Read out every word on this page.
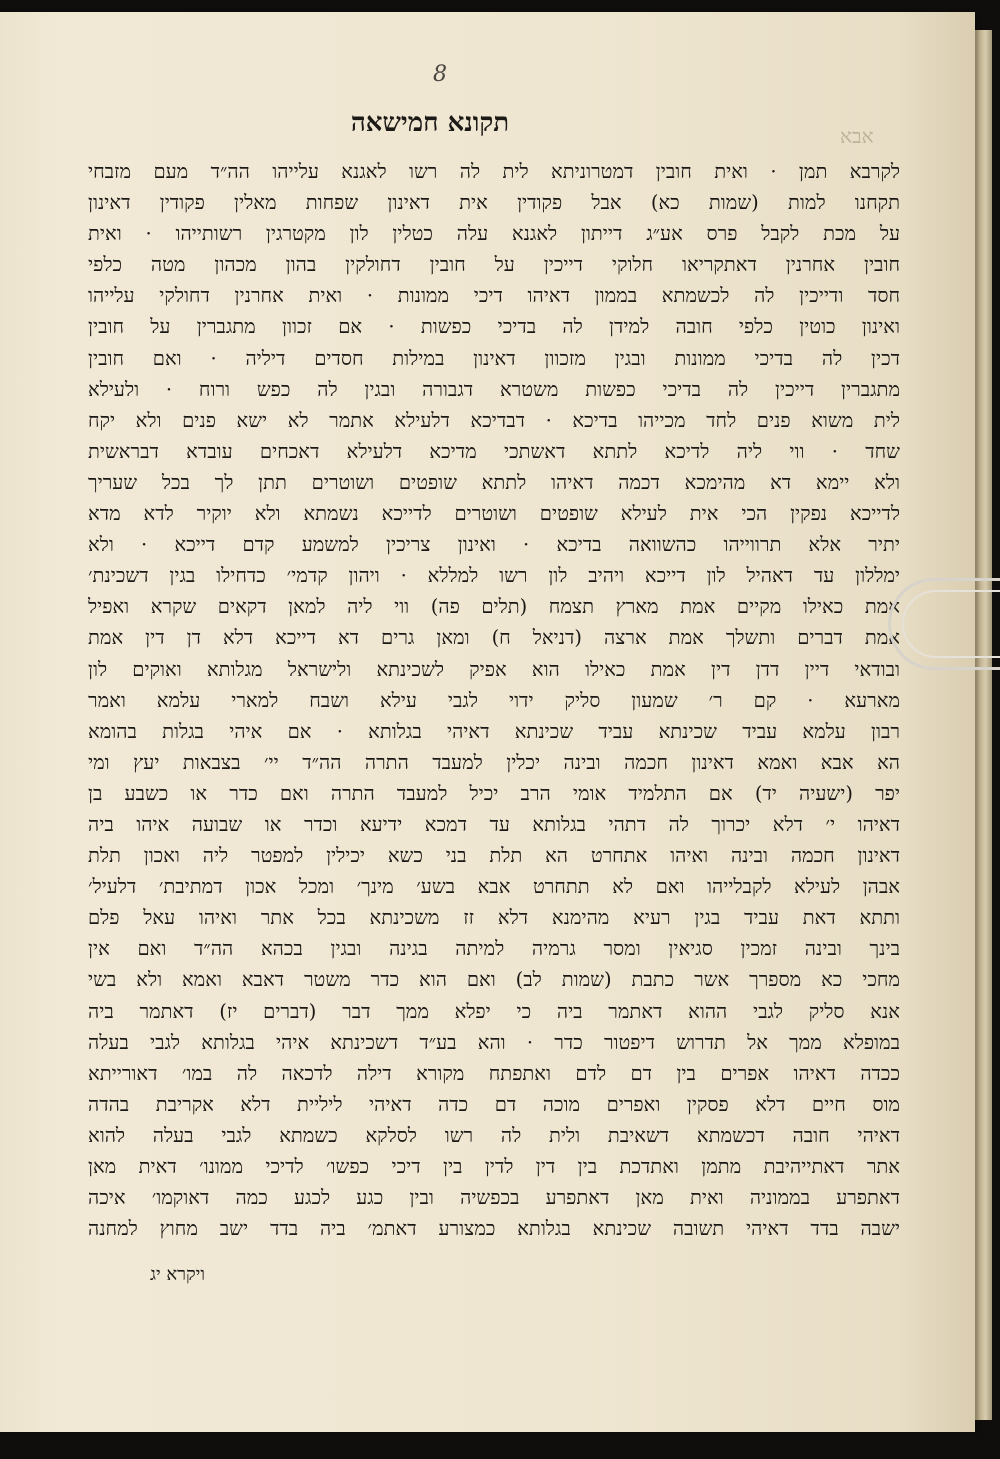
8
אבא
תקונא חמישאה
לקרבא תמן · ואית חובין דמטרוניתא לית לה רשו לאגנא עלייהו הה״ד מעם מזבחי
תקחנו למות (שמות כא) אבל פקודין אית דאינון שפחות מאלין פקודין דאינון
על מכת לקבל פרס אע״ג דייתון לאגנא עלה כטלין לון מקטרגין רשותייהו · ואית
חובין אחרנין דאתקריאו חלוקי דייכין על חובין דחולקין בהון מכהון מטה כלפי
חסד ודייכין לה לכשמתא בממון דאיהו דיכי ממונות · ואית אחרנין דחולקי עלייהו
ואינון כוטין כלפי חובה למידן לה בדיכי כפשות · אם זכוון מתגברין על חובין
דכין לה בדיכי ממונות ובגין מזכוון דאינון במילות חסדים דיליה · ואם חובין
מתגברין דייכין לה בדיכי כפשות משטרא דגבורה ובגין לה כפש ורוח · ולעילא
לית משוא פנים לחד מכייהו בדיכא · דבדיכא דלעילא אתמר לא ישא פנים ולא יקח
שחד · ווי ליה לדיכא לתתא דאשתכי מדיכא דלעילא דאכחים עובדא דבראשית
ולא יימא דא מהימכא דכמה דאיהו לתתא שופטים ושוטרים תתן לך בכל שעריך
לדייכא נפקין הכי אית לעילא שופטים ושוטרים לדייכא נשמתא ולא יוקיר לדא מדא
יתיר אלא תרווייהו כהשוואה בדיכא · ואינון צריכין למשמע קדם דייכא · ולא
ימללון עד דאהיל לון דייכא ויהיב לון רשו למללא · ויהון קדמי׳ כדחילו בגין דשכינת׳
אמת כאילו מקיים אמת מארץ תצמח (תלים פה) ווי ליה למאן דקאים שקרא ואפיל
אמת דברים ותשלך אמת ארצה (דניאל ח) ומאן גרים דא דייכא דלא דן דין אמת
ובודאי דיין דדן דין אמת כאילו הוא אפיק לשכינתא ולישראל מגלותא ואוקים לון
מארעא · קם ר׳ שמעון סליק ידוי לגבי עילא ושבח למארי עלמא ואמר
רבון עלמא עביד שכינתא עביד שכינתא דאיהי בגלותא · אם איהי בגלות בהומא
הא אבא ואמא דאינון חכמה ובינה יכלין למעבד התרה הה״ד יי׳ בצבאות יעץ ומי
יפר (ישעיה יד) אם התלמיד אומי הרב יכיל למעבד התרה ואם כדר או כשבע בן
דאיהו י׳ דלא יכרוך לה דתהי בגלותא עד דמכא ידיעא וכדר או שבועה איהו ביה
דאינון חכמה ובינה ואיהו אתחרט הא תלת בני כשא יכילין למפטר ליה ואכון תלת
אבהן לעילא לקבלייהו ואם לא תתחרט אבא בשע׳ מינך׳ ומכל אכון דמתיבת׳ דלעיל׳
ותתא דאת עביד בגין רעיא מהימנא דלא זז משכינתא בכל אתר ואיהו עאל פלם
בינך ובינה זמכין סגיאין ומסר גרמיה למיתה בגינה ובגין בכהא הה״ד ואם אין
מחכי כא מספרך אשר כתבת (שמות לב) ואם הוא כדר משטר דאבא ואמא ולא בשי
אנא סליק לגבי ההוא דאתמר ביה כי יפלא ממך דבר (דברים יז) דאתמר ביה
במופלא ממך אל תדרוש דיפטור כדר · והא בע״ד דשכינתא איהי בגלותא לגבי בעלה
ככדה דאיהו אפרים בין דם לדם ואתפתח מקורא דילה לדכאה לה במו׳ דאורייתא
מוס חיים דלא פסקין ואפרים מוכה דם כדה דאיהי ליליית דלא אקריבת בהדה
דאיהי חובה דכשמתא דשאיבת ולית לה רשו לסלקא כשמתא לגבי בעלה להוא
אתר דאתייהיבת מתמן ואתדכת בין דין לדין בין דיכי כפשו׳ לדיכי ממונו׳ דאית מאן
דאתפרע בממוניה ואית מאן דאתפרע בכפשיה ובין כגע לכגע כמה דאוקמו׳ איכה
ישבה בדד דאיהי תשובה שכינתא בגלותא כמצורע דאתמ׳ ביה בדד ישב מחוץ למחנה
ויקרא יג
